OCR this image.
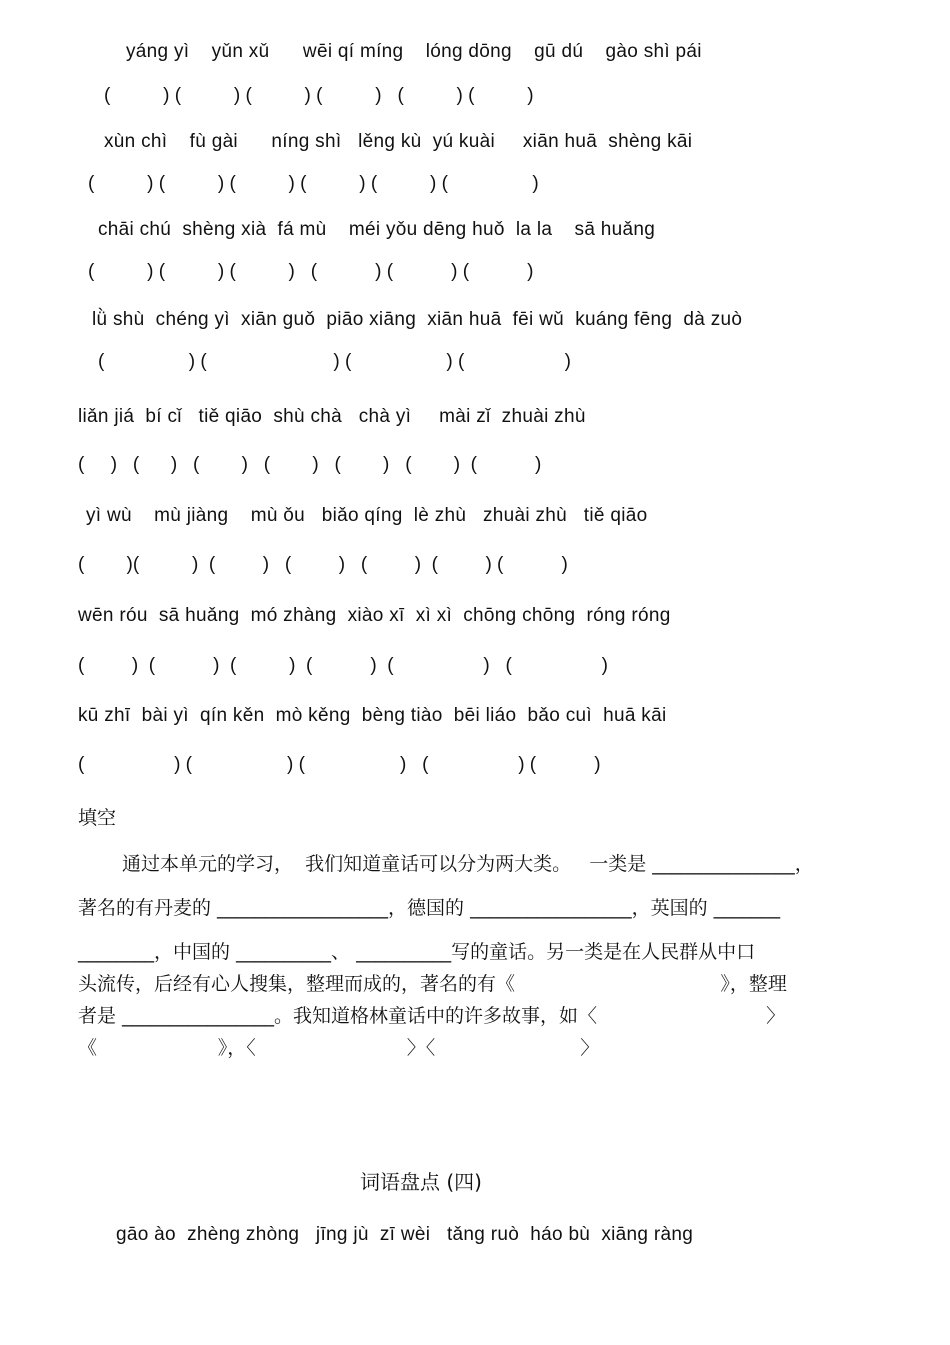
yáng yì    yǔn xǔ      wēi qí míng    lóng dōng    gū dú    gào shì pái
(          ) (          ) (          ) (          )   (          ) (          )
xùn chì    fù gài      níng shì   lěng kù  yú kuài     xiān huā  shèng kāi
(          ) (          ) (          ) (          ) (          ) (                )
chāi chú  shèng xià  fá mù    méi yǒu dēng huǒ  la la    sā huǎng
(          ) (          ) (          )   (           ) (           ) (           )
lǜ shù  chéng yì  xiān guǒ  piāo xiāng  xiān huā  fēi wǔ  kuáng fēng  dà zuò
(                ) (                        ) (                  ) (                   )
liǎn jiá  bí cǐ   tiě qiāo  shù chà   chà yì     mài zǐ  zhuài zhù
(     )   (      )   (        )   (        )   (        )   (        )  (           )
yì wù    mù jiàng    mù ǒu   biǎo qíng  lè zhù   zhuài zhù   tiě qiāo
(        )(          )  (         )   (         )   (         )  (         ) (           )
wēn róu  sā huǎng  mó zhàng  xiào xī  xì xì  chōng chōng  róng róng
(         )  (           )  (          )  (           )  (                 )   (                 )
kū zhī  bài yì  qín kěn  mò kěng  bèng tiào  bēi liáo  bǎo cuì  huā kāi
(                 ) (                  ) (                  )   (                 ) (           )
填空
通过本单元的学习，  我们知道童话可以分为两大类。   一类是 _______________，
著名的有丹麦的 __________________，德国的 _________________，英国的 _______
________，中国的 __________、 __________写的童话。另一类是在人民群从中口
头流传，后经有心人搜集，整理而成的，著名的有《                                  》，整理
者是 ________________。我知道格林童话中的许多故事，如〈                            〉
《                    》，〈                         〉〈                        〉
词语盘点 (四)
gāo ào  zhèng zhòng   jīng jù  zī wèi   tǎng ruò  háo bù  xiāng ràng
